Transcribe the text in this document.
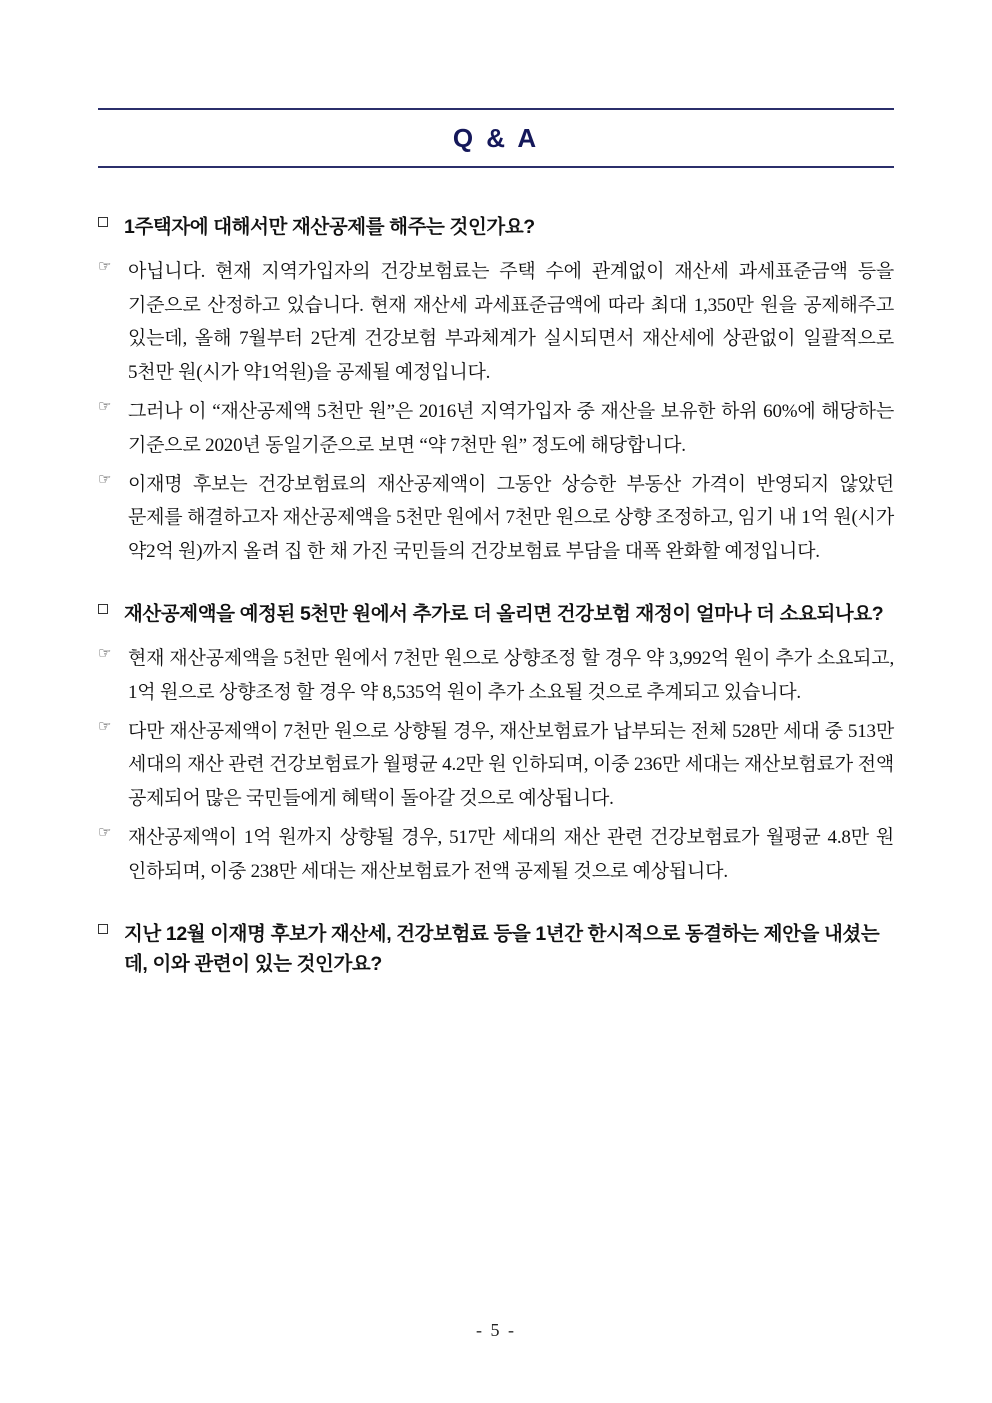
Q & A
1주택자에 대해서만 재산공제를 해주는 것인가요?
☞ 아닙니다. 현재 지역가입자의 건강보험료는 주택 수에 관계없이 재산세 과세표준금액 등을 기준으로 산정하고 있습니다. 현재 재산세 과세표준금액에 따라 최대 1,350만 원을 공제해주고 있는데, 올해 7월부터 2단계 건강보험 부과체계가 실시되면서 재산세에 상관없이 일괄적으로 5천만 원(시가 약1억원)을 공제될 예정입니다.
☞ 그러나 이 “재산공제액 5천만 원”은 2016년 지역가입자 중 재산을 보유한 하위 60%에 해당하는 기준으로 2020년 동일기준으로 보면 “약 7천만 원” 정도에 해당합니다.
☞ 이재명 후보는 건강보험료의 재산공제액이 그동안 상승한 부동산 가격이 반영되지 않았던 문제를 해결하고자 재산공제액을 5천만 원에서 7천만 원으로 상향 조정하고, 임기 내 1억 원(시가 약2억 원)까지 올려 집 한 채 가진 국민들의 건강보험료 부담을 대폭 완화할 예정입니다.
재산공제액을 예정된 5천만 원에서 추가로 더 올리면 건강보험 재정이 얼마나 더 소요되나요?
☞ 현재 재산공제액을 5천만 원에서 7천만 원으로 상향조정 할 경우 약 3,992억 원이 추가 소요되고, 1억 원으로 상향조정 할 경우 약 8,535억 원이 추가 소요될 것으로 추계되고 있습니다.
☞ 다만 재산공제액이 7천만 원으로 상향될 경우, 재산보험료가 납부되는 전체 528만 세대 중 513만 세대의 재산 관련 건강보험료가 월평균 4.2만 원 인하되며, 이중 236만 세대는 재산보험료가 전액 공제되어 많은 국민들에게 혜택이 돌아갈 것으로 예상됩니다.
☞ 재산공제액이 1억 원까지 상향될 경우, 517만 세대의 재산 관련 건강보험료가 월평균 4.8만 원 인하되며, 이중 238만 세대는 재산보험료가 전액 공제될 것으로 예상됩니다.
지난 12월 이재명 후보가 재산세, 건강보험료 등을 1년간 한시적으로 동결하는 제안을 내셨는데, 이와 관련이 있는 것인가요?
- 5 -
